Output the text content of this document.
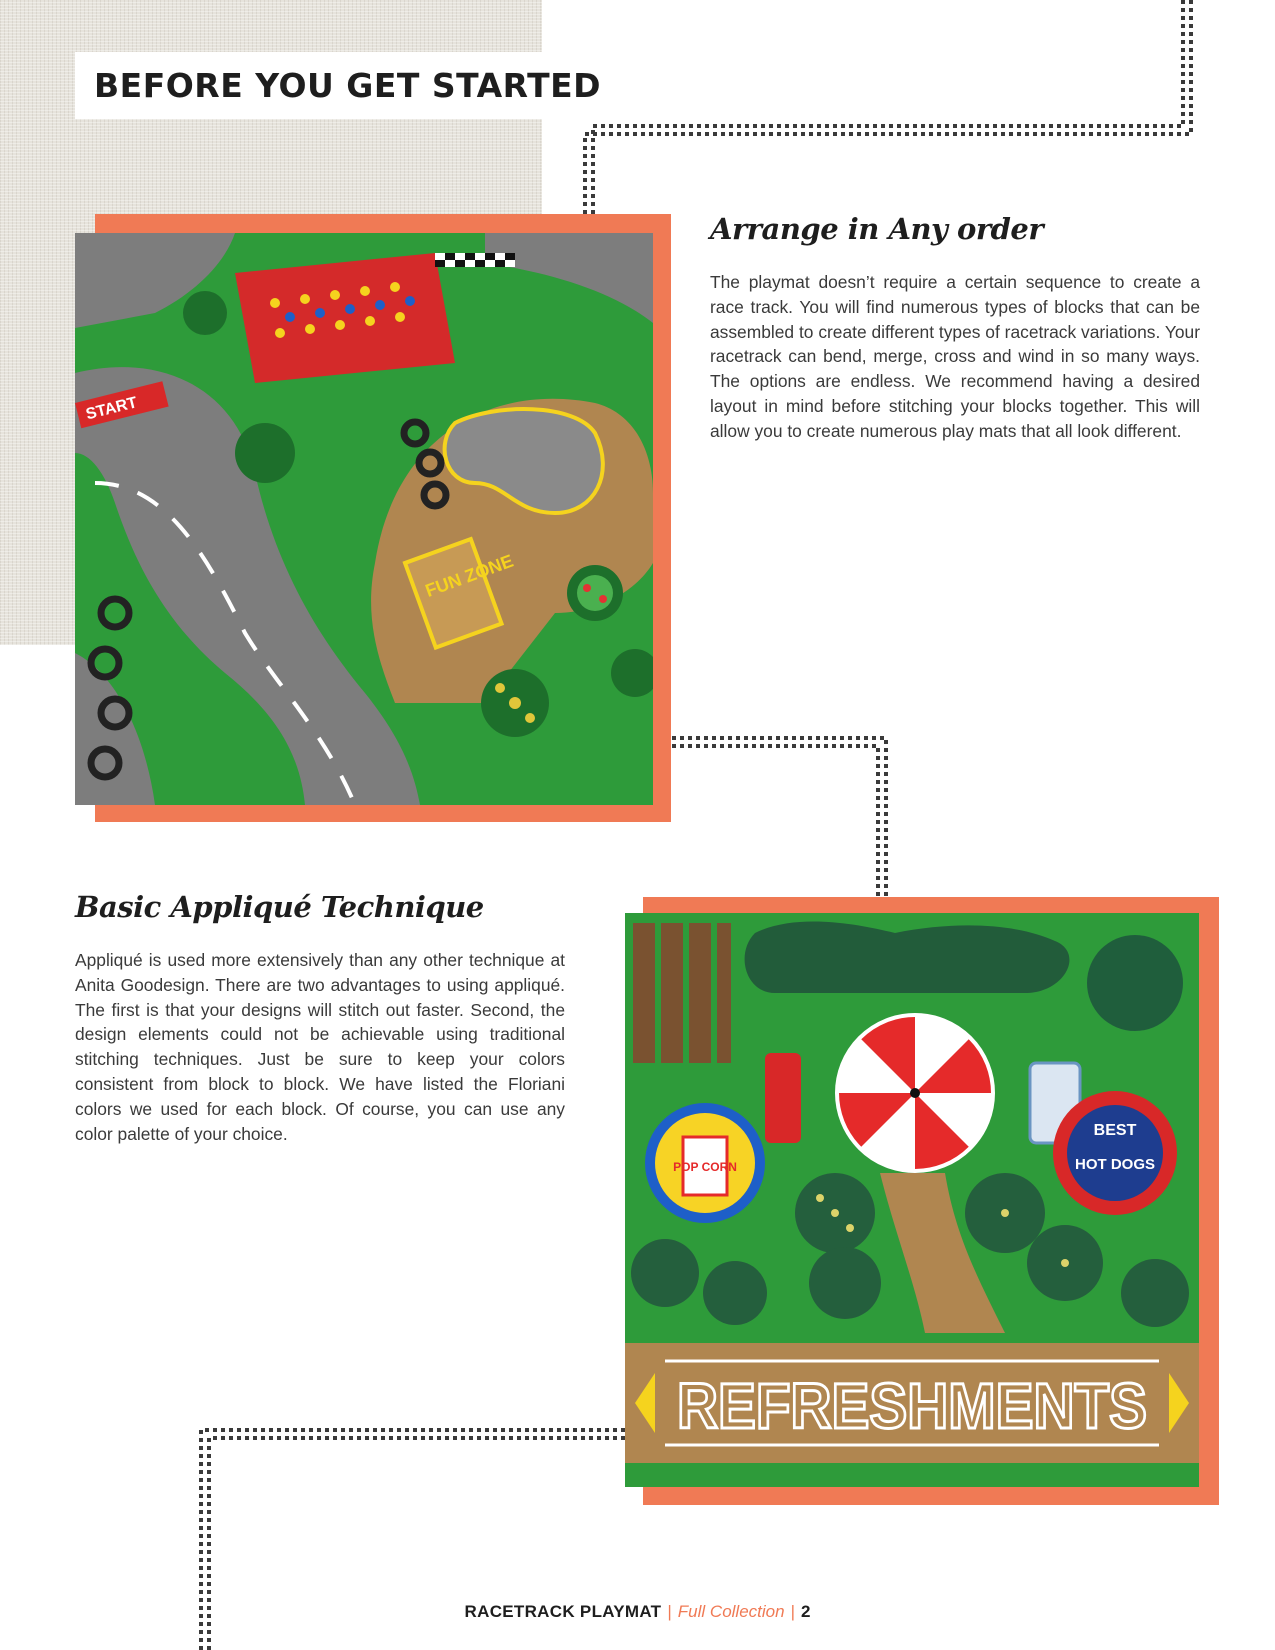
BEFORE YOU GET STARTED
START
FUN ZONE
POP CORN
BEST
HOT DOGS
REFRESHMENTS
Arrange in Any order

The playmat doesn’t require a certain sequence to create a race track. You will find numerous types of blocks that can be assembled to create different types of racetrack variations. Your racetrack can bend, merge, cross and wind in so many ways. The options are endless. We recommend having a desired layout in mind before stitching your blocks together. This will allow you to create numerous play mats that all look different.

Basic Appliqué Technique

Appliqué is used more extensively than any other technique at Anita Goodesign. There are two advantages to using appliqué. The first is that your designs will stitch out faster. Second, the design elements could not be achievable using traditional stitching techniques. Just be sure to keep your colors consistent from block to block. We have listed the Floriani colors we used for each block. Of course, you can use any color palette of your choice.

RACETRACK PLAYMAT | Full Collection | 2
